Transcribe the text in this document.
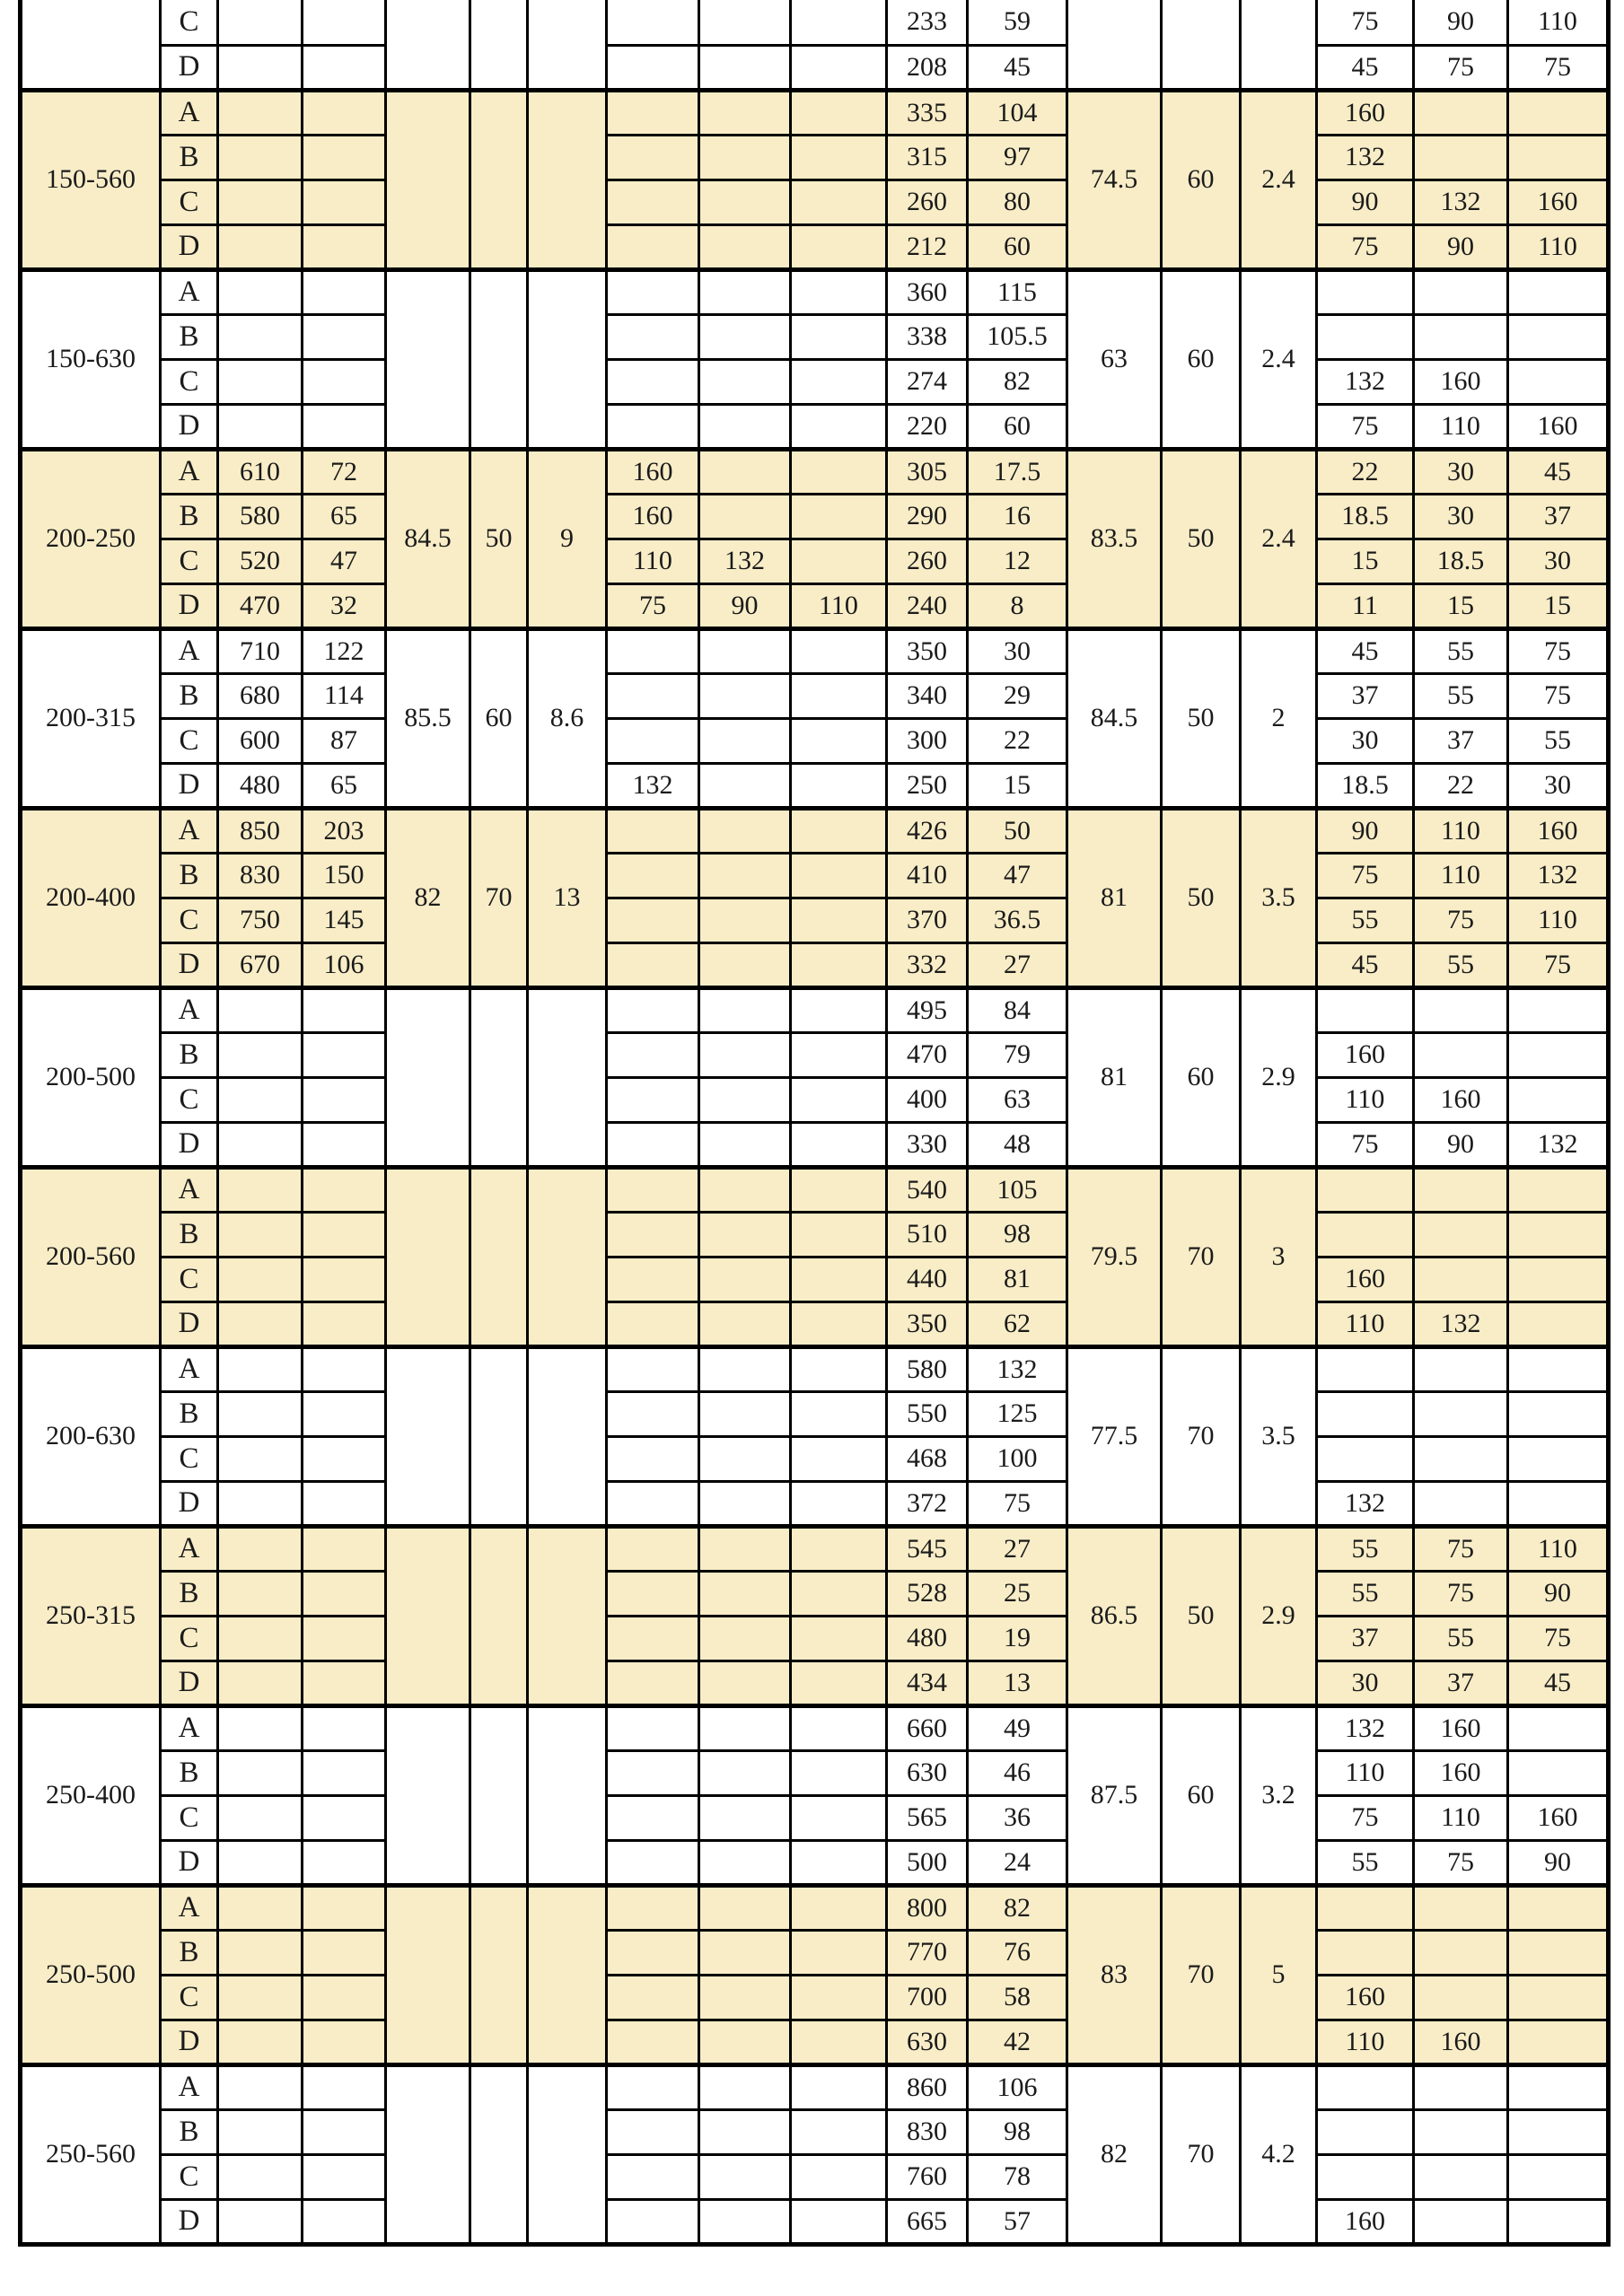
	C									233	59				75	90	110
	D									208	45				45	75	75
150-560	A									335	104	74.5	60	2.4	160		
	B									315	97				132		
	C									260	80				90	132	160
	D									212	60				75	90	110
150-630	A									360	115	63	60	2.4			
	B									338	105.5						
	C									274	82				132	160	
	D									220	60				75	110	160
200-250	A	610	72	84.5	50	9	160			305	17.5	83.5	50	2.4	22	30	45
	B	580	65				160			290	16				18.5	30	37
	C	520	47				110	132		260	12				15	18.5	30
	D	470	32				75	90	110	240	8				11	15	15
200-315	A	710	122	85.5	60	8.6				350	30	84.5	50	2	45	55	75
	B	680	114							340	29				37	55	75
	C	600	87							300	22				30	37	55
	D	480	65				132			250	15				18.5	22	30
200-400	A	850	203	82	70	13				426	50	81	50	3.5	90	110	160
	B	830	150							410	47				75	110	132
	C	750	145							370	36.5				55	75	110
	D	670	106							332	27				45	55	75
200-500	A									495	84	81	60	2.9			
	B									470	79				160		
	C									400	63				110	160	
	D									330	48				75	90	132
200-560	A									540	105	79.5	70	3			
	B									510	98						
	C									440	81				160		
	D									350	62				110	132	
200-630	A									580	132	77.5	70	3.5			
	B									550	125						
	C									468	100						
	D									372	75				132		
250-315	A									545	27	86.5	50	2.9	55	75	110
	B									528	25				55	75	90
	C									480	19				37	55	75
	D									434	13				30	37	45
250-400	A									660	49	87.5	60	3.2	132	160	
	B									630	46				110	160	
	C									565	36				75	110	160
	D									500	24				55	75	90
250-500	A									800	82	83	70	5			
	B									770	76						
	C									700	58				160		
	D									630	42				110	160	
250-560	A									860	106	82	70	4.2			
	B									830	98						
	C									760	78						
	D									665	57				160		
